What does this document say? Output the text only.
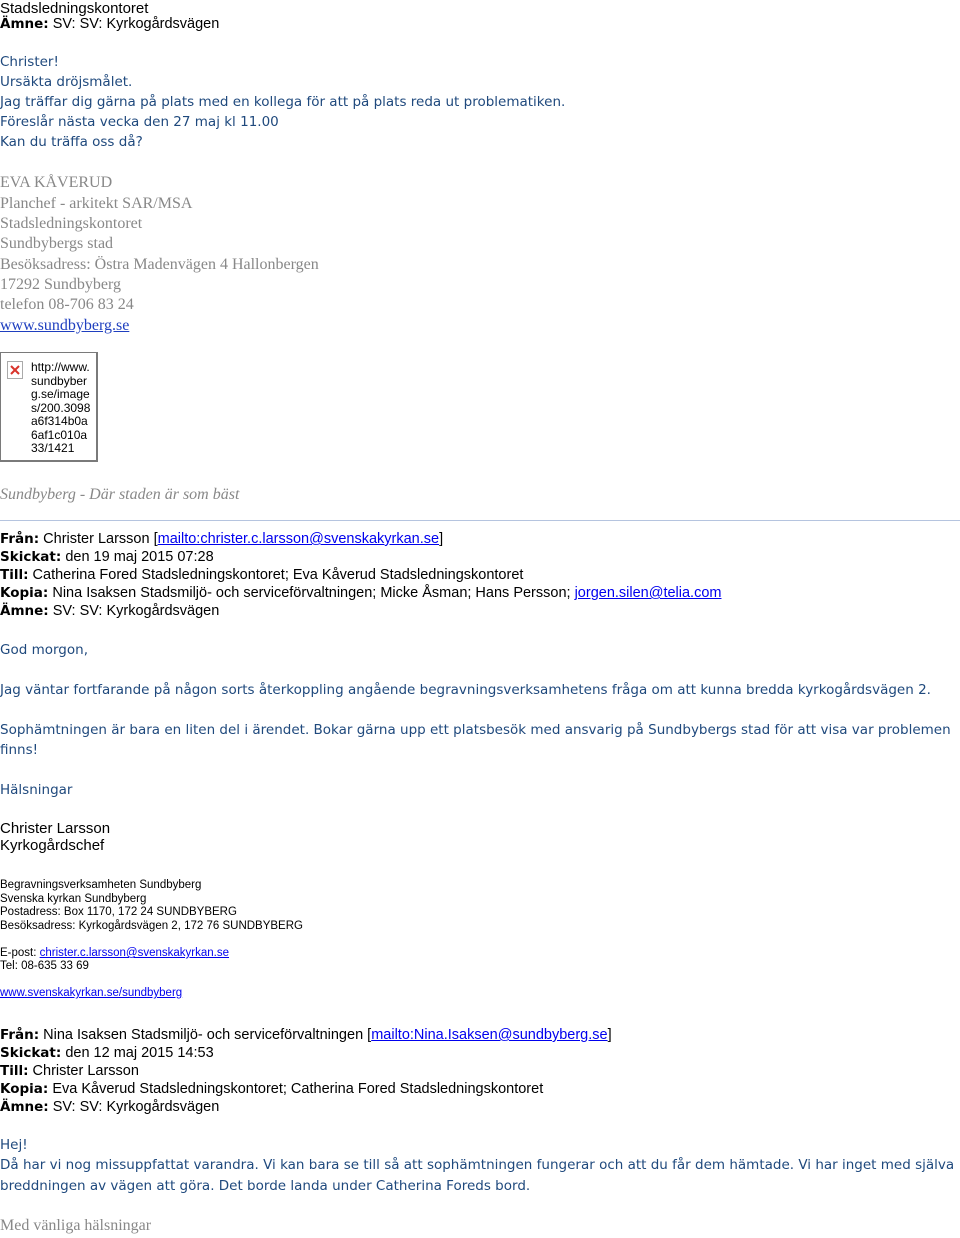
Stadsledningskontoret
Ämne: SV: SV: Kyrkogårdsvägen
Christer!
Ursäkta dröjsmålet.
Jag träffar dig gärna på plats med en kollega för att på plats reda ut problematiken.
Föreslår nästa vecka den 27 maj kl 11.00
Kan du träffa oss då?
EVA KÅVERUD
Planchef - arkitekt SAR/MSA
Stadsledningskontoret
Sundbybergs stad
Besöksadress: Östra Madenvägen 4 Hallonbergen
17292 Sundbyberg
telefon 08-706 83 24
www.sundbyberg.se
http://www.sundbyberg.se/images/200.3098a6f314b0a6af1c010a33/1421
Sundbyberg - Där staden är som bäst
Från: Christer Larsson [mailto:christer.c.larsson@svenskakyrkan.se]
Skickat: den 19 maj 2015 07:28
Till: Catherina Fored Stadsledningskontoret; Eva Kåverud Stadsledningskontoret
Kopia: Nina Isaksen Stadsmiljö- och serviceförvaltningen; Micke Åsman; Hans Persson; jorgen.silen@telia.com
Ämne: SV: SV: Kyrkogårdsvägen
God morgon,
Jag väntar fortfarande på någon sorts återkoppling angående begravningsverksamhetens fråga om att kunna bredda kyrkogårdsvägen 2.
Sophämtningen är bara en liten del i ärendet. Bokar gärna upp ett platsbesök med ansvarig på Sundbybergs stad för att visa var problemen
finns!
Hälsningar
Christer Larsson
Kyrkogårdschef
Begravningsverksamheten Sundbyberg
Svenska kyrkan Sundbyberg
Postadress: Box 1170, 172 24 SUNDBYBERG
Besöksadress: Kyrkogårdsvägen 2, 172 76 SUNDBYBERG
E-post: christer.c.larsson@svenskakyrkan.se
Tel: 08-635 33 69
www.svenskakyrkan.se/sundbyberg
Från: Nina Isaksen Stadsmiljö- och serviceförvaltningen [mailto:Nina.Isaksen@sundbyberg.se]
Skickat: den 12 maj 2015 14:53
Till: Christer Larsson
Kopia: Eva Kåverud Stadsledningskontoret; Catherina Fored Stadsledningskontoret
Ämne: SV: SV: Kyrkogårdsvägen
Hej!
Då har vi nog missuppfattat varandra. Vi kan bara se till så att sophämtningen fungerar och att du får dem hämtade. Vi har inget med själva
breddningen av vägen att göra. Det borde landa under Catherina Foreds bord.
Med vänliga hälsningar
